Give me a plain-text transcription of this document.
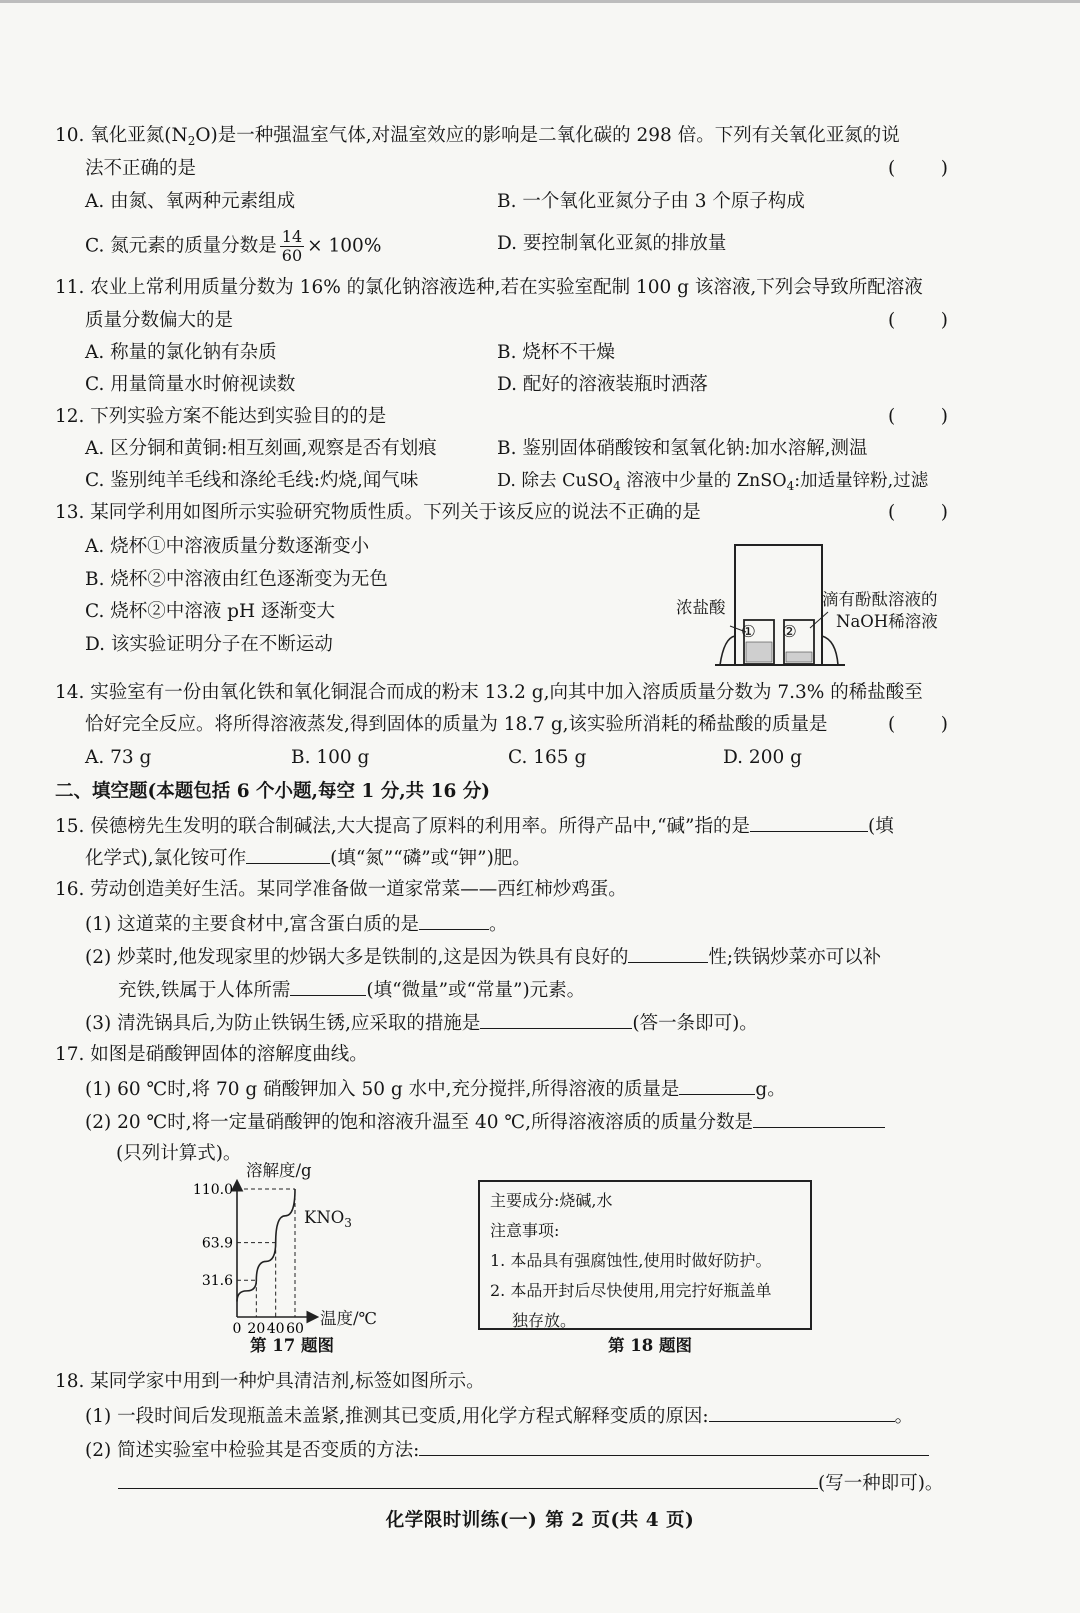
10. 氧化亚氮$(N_2O)$是一种强温室气体,对温室效应的影响是二氧化碳的 298 倍。下列有关氧化亚氮的说
法不正确的是	( )
A. 由氮、氧两种元素组成	B. 一个氧化亚氮分子由 3 个原子构成
C. 氮元素的质量分数是 $\frac{14}{60} \times 100\%$	D. 要控制氧化亚氮的排放量
11. 农业上常利用质量分数为 16% 的氯化钠溶液选种,若在实验室配制 100 g 该溶液,下列会导致所配溶液
质量分数偏大的是	( )
A. 称量的氯化钠有杂质	B. 烧杯不干燥
C. 用量筒量水时俯视读数	D. 配好的溶液装瓶时洒落
12. 下列实验方案不能达到实验目的的是	( )
A. 区分铜和黄铜:相互刻画,观察是否有划痕	B. 鉴别固体硝酸铵和氢氧化钠:加水溶解,测温
C. 鉴别纯羊毛线和涤纶毛线:灼烧,闻气味	D. 除去 CuSO$_4$ 溶液中少量的 ZnSO$_4$:加适量锌粉,过滤
13. 某同学利用如图所示实验研究物质性质。下列关于该反应的说法不正确的是	( )
A. 烧杯①中溶液质量分数逐渐变小
B. 烧杯②中溶液由红色逐渐变为无色
C. 烧杯②中溶液 pH 逐渐变大
D. 该实验证明分子在不断运动
① ②
浓盐酸	滴有酚酞溶液的
NaOH稀溶液
14. 实验室有一份由氧化铁和氧化铜混合而成的粉末 13.2 g,向其中加入溶质质量分数为 7.3% 的稀盐酸至
恰好完全反应。将所得溶液蒸发,得到固体的质量为 18.7 g,该实验所消耗的稀盐酸的质量是	( )
A. 73 g	B. 100 g	C. 165 g	D. 200 g
二、填空题(本题包括 6 个小题,每空 1 分,共 16 分)
15. 侯德榜先生发明的联合制碱法,大大提高了原料的利用率。所得产品中,“碱”指的是	(填
化学式),氯化铵可作	(填“氮”“磷”或“钾”)肥。
16. 劳动创造美好生活。某同学准备做一道家常菜——西红柿炒鸡蛋。
(1) 这道菜的主要食材中,富含蛋白质的是	。
(2) 炒菜时,他发现家里的炒锅大多是铁制的,这是因为铁具有良好的	性;铁锅炒菜亦可以补
充铁,铁属于人体所需	(填“微量”或“常量”)元素。
(3) 清洗锅具后,为防止铁锅生锈,应采取的措施是	(答一条即可)。
17. 如图是硝酸钾固体的溶解度曲线。
(1) 60 ℃时,将 70 g 硝酸钾加入 50 g 水中,充分搅拌,所得溶液的质量是	g。
(2) 20 ℃时,将一定量硝酸钾的饱和溶液升温至 40 ℃,所得溶液溶质的质量分数是
(只列计算式)。
31.6
63.9
110.0
0 20 40 60
溶解度/g
温度/℃
$KNO_3$
第 17 题图
主要成分:烧碱,水
注意事项:
1. 本品具有强腐蚀性,使用时做好防护。
2. 本品开封后尽快使用,用完拧好瓶盖单
独存放。
第 18 题图
18. 某同学家中用到一种炉具清洁剂,标签如图所示。
(1) 一段时间后发现瓶盖未盖紧,推测其已变质,用化学方程式解释变质的原因:	。
(2) 简述实验室中检验其是否变质的方法:
(写一种即可)。
化学限时训练(一) 第 2 页(共 4 页)
